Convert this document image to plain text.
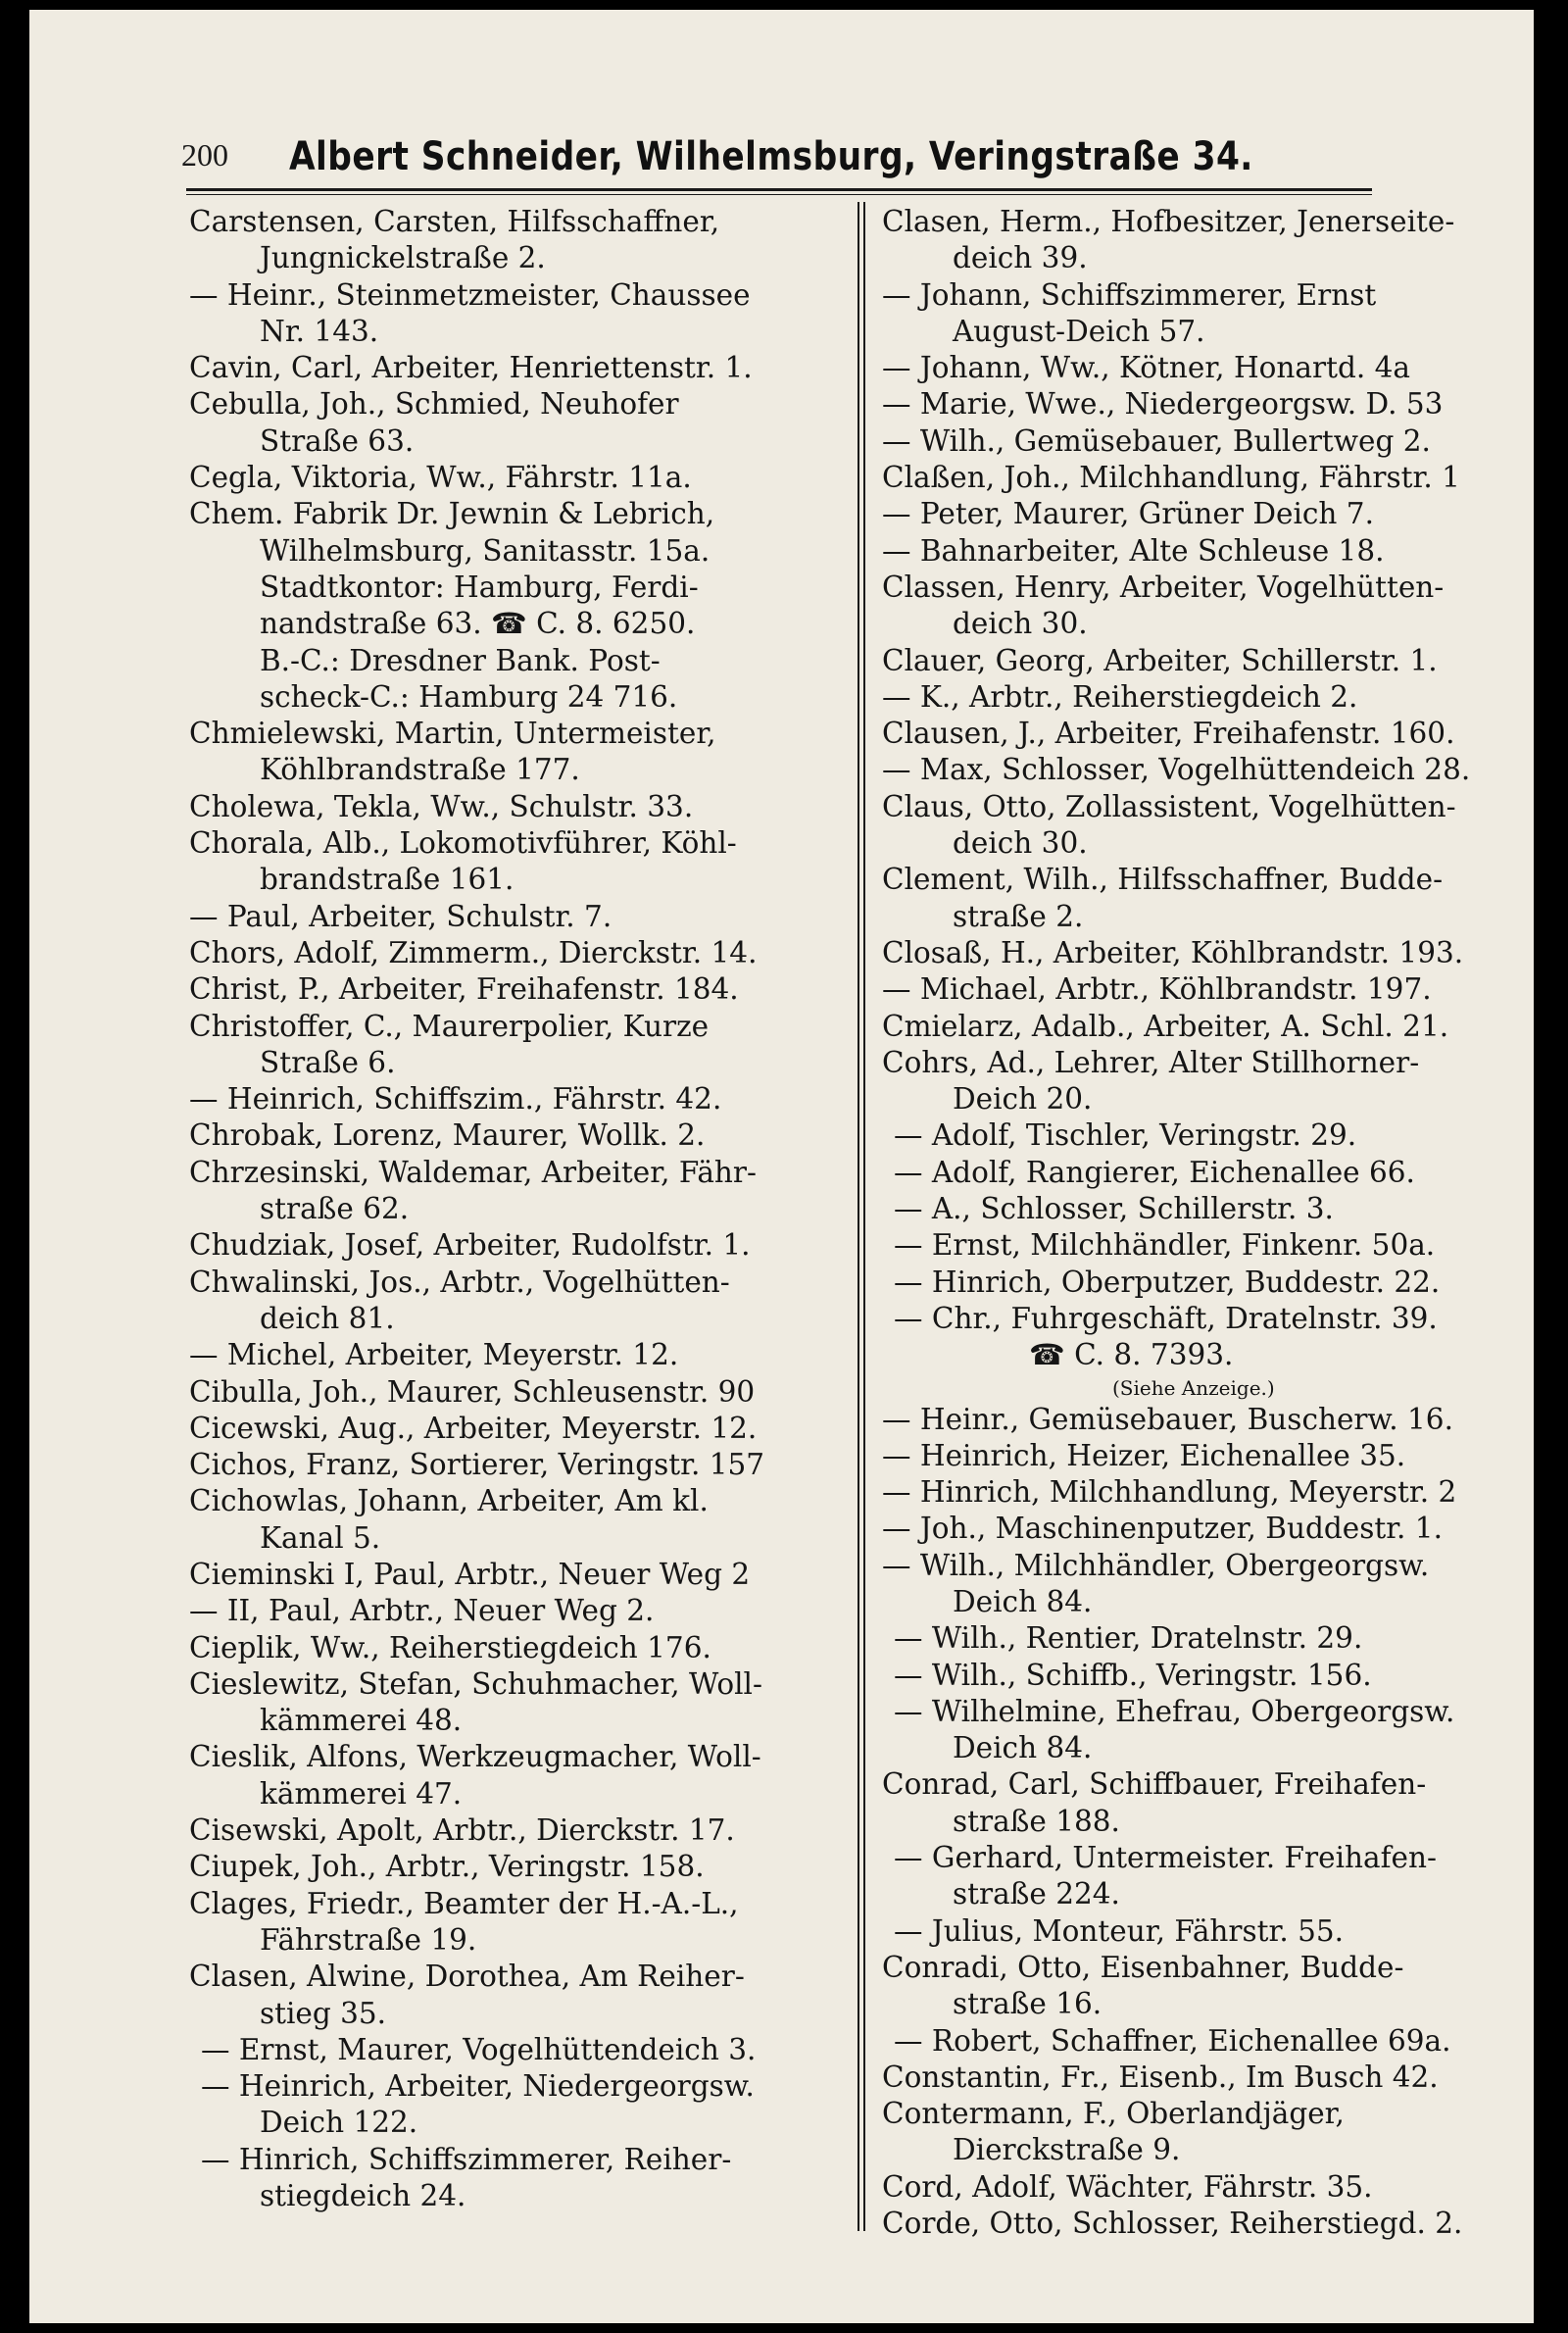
200 Albert Schneider, Wilhelmsburg, Veringstraße 34.
Carstensen, Carsten, Hilfsschaffner,
Jungnickelstraße 2.
— Heinr., Steinmetzmeister, Chaussee
Nr. 143.
Cavin, Carl, Arbeiter, Henriettenstr. 1.
Cebulla, Joh., Schmied, Neuhofer
Straße 63.
Cegla, Viktoria, Ww., Fährstr. 11a.
Chem. Fabrik Dr. Jewnin & Lebrich,
Wilhelmsburg, Sanitasstr. 15a.
Stadtkontor: Hamburg, Ferdi-
nandstraße 63. ☎ C. 8. 6250.
B.-C.: Dresdner Bank. Post-
scheck-C.: Hamburg 24 716.
Chmielewski, Martin, Untermeister,
Köhlbrandstraße 177.
Cholewa, Tekla, Ww., Schulstr. 33.
Chorala, Alb., Lokomotivführer, Köhl-
brandstraße 161.
— Paul, Arbeiter, Schulstr. 7.
Chors, Adolf, Zimmerm., Dierckstr. 14.
Christ, P., Arbeiter, Freihafenstr. 184.
Christoffer, C., Maurerpolier, Kurze
Straße 6.
— Heinrich, Schiffszim., Fährstr. 42.
Chrobak, Lorenz, Maurer, Wollk. 2.
Chrzesinski, Waldemar, Arbeiter, Fähr-
straße 62.
Chudziak, Josef, Arbeiter, Rudolfstr. 1.
Chwalinski, Jos., Arbtr., Vogelhütten-
deich 81.
— Michel, Arbeiter, Meyerstr. 12.
Cibulla, Joh., Maurer, Schleusenstr. 90
Cicewski, Aug., Arbeiter, Meyerstr. 12.
Cichos, Franz, Sortierer, Veringstr. 157
Cichowlas, Johann, Arbeiter, Am kl.
Kanal 5.
Cieminski I, Paul, Arbtr., Neuer Weg 2
— II, Paul, Arbtr., Neuer Weg 2.
Cieplik, Ww., Reiherstiegdeich 176.
Cieslewitz, Stefan, Schuhmacher, Woll-
kämmerei 48.
Cieslik, Alfons, Werkzeugmacher, Woll-
kämmerei 47.
Cisewski, Apolt, Arbtr., Dierckstr. 17.
Ciupek, Joh., Arbtr., Veringstr. 158.
Clages, Friedr., Beamter der H.-A.-L.,
Fährstraße 19.
Clasen, Alwine, Dorothea, Am Reiher-
stieg 35.
— Ernst, Maurer, Vogelhüttendeich 3.
— Heinrich, Arbeiter, Niedergeorgsw.
Deich 122.
— Hinrich, Schiffszimmerer, Reiher-
stiegdeich 24.
Clasen, Herm., Hofbesitzer, Jenerseite-
deich 39.
— Johann, Schiffszimmerer, Ernst
August-Deich 57.
— Johann, Ww., Kötner, Honartd. 4a
— Marie, Wwe., Niedergeorgsw. D. 53
— Wilh., Gemüsebauer, Bullertweg 2.
Claßen, Joh., Milchhandlung, Fährstr. 1
— Peter, Maurer, Grüner Deich 7.
— Bahnarbeiter, Alte Schleuse 18.
Classen, Henry, Arbeiter, Vogelhütten-
deich 30.
Clauer, Georg, Arbeiter, Schillerstr. 1.
— K., Arbtr., Reiherstiegdeich 2.
Clausen, J., Arbeiter, Freihafenstr. 160.
— Max, Schlosser, Vogelhüttendeich 28.
Claus, Otto, Zollassistent, Vogelhütten-
deich 30.
Clement, Wilh., Hilfsschaffner, Budde-
straße 2.
Closaß, H., Arbeiter, Köhlbrandstr. 193.
— Michael, Arbtr., Köhlbrandstr. 197.
Cmielarz, Adalb., Arbeiter, A. Schl. 21.
Cohrs, Ad., Lehrer, Alter Stillhorner-
Deich 20.
— Adolf, Tischler, Veringstr. 29.
— Adolf, Rangierer, Eichenallee 66.
— A., Schlosser, Schillerstr. 3.
— Ernst, Milchhändler, Finkenr. 50a.
— Hinrich, Oberputzer, Buddestr. 22.
— Chr., Fuhrgeschäft, Dratelnstr. 39.
☎ C. 8. 7393.
(Siehe Anzeige.)
— Heinr., Gemüsebauer, Buscherw. 16.
— Heinrich, Heizer, Eichenallee 35.
— Hinrich, Milchhandlung, Meyerstr. 2
— Joh., Maschinenputzer, Buddestr. 1.
— Wilh., Milchhändler, Obergeorgsw.
Deich 84.
— Wilh., Rentier, Dratelnstr. 29.
— Wilh., Schiffb., Veringstr. 156.
— Wilhelmine, Ehefrau, Obergeorgsw.
Deich 84.
Conrad, Carl, Schiffbauer, Freihafen-
straße 188.
— Gerhard, Untermeister. Freihafen-
straße 224.
— Julius, Monteur, Fährstr. 55.
Conradi, Otto, Eisenbahner, Budde-
straße 16.
— Robert, Schaffner, Eichenallee 69a.
Constantin, Fr., Eisenb., Im Busch 42.
Contermann, F., Oberlandjäger,
Dierckstraße 9.
Cord, Adolf, Wächter, Fährstr. 35.
Corde, Otto, Schlosser, Reiherstiegd. 2.
